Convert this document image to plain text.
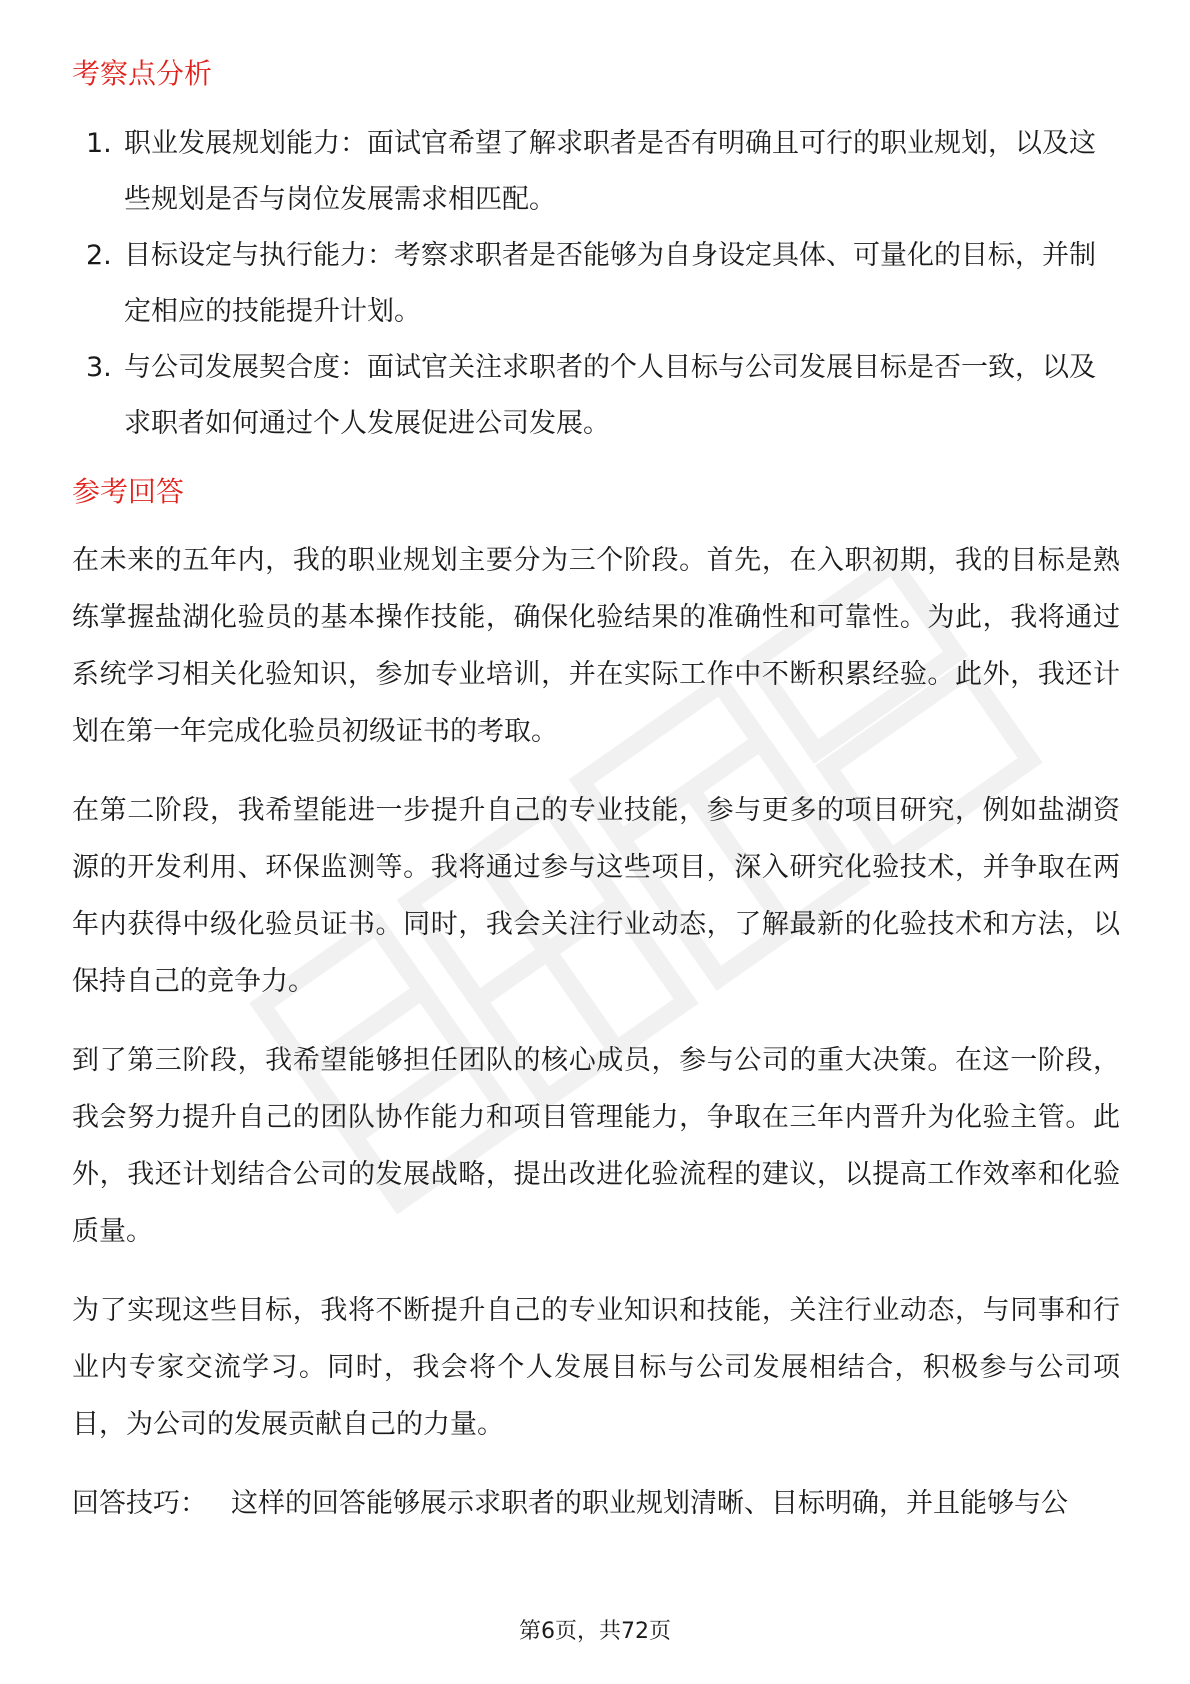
考察点分析
1. 职业发展规划能力：面试官希望了解求职者是否有明确且可行的职业规划，以及这些规划是否与岗位发展需求相匹配。
2. 目标设定与执行能力：考察求职者是否能够为自身设定具体、可量化的目标，并制定相应的技能提升计划。
3. 与公司发展契合度：面试官关注求职者的个人目标与公司发展目标是否一致，以及求职者如何通过个人发展促进公司发展。
参考回答

在未来的五年内，我的职业规划主要分为三个阶段。首先，在入职初期，我的目标是熟练掌握盐湖化验员的基本操作技能，确保化验结果的准确性和可靠性。为此，我将通过系统学习相关化验知识，参加专业培训，并在实际工作中不断积累经验。此外，我还计划在第一年完成化验员初级证书的考取。

在第二阶段，我希望能进一步提升自己的专业技能，参与更多的项目研究，例如盐湖资源的开发利用、环保监测等。我将通过参与这些项目，深入研究化验技术，并争取在两年内获得中级化验员证书。同时，我会关注行业动态，了解最新的化验技术和方法，以保持自己的竞争力。

到了第三阶段，我希望能够担任团队的核心成员，参与公司的重大决策。在这一阶段，我会努力提升自己的团队协作能力和项目管理能力，争取在三年内晋升为化验主管。此外，我还计划结合公司的发展战略，提出改进化验流程的建议，以提高工作效率和化验质量。

为了实现这些目标，我将不断提升自己的专业知识和技能，关注行业动态，与同事和行业内专家交流学习。同时，我会将个人发展目标与公司发展相结合，积极参与公司项目，为公司的发展贡献自己的力量。

回答技巧： 这样的回答能够展示求职者的职业规划清晰、目标明确，并且能够与公

第6页，共72页
